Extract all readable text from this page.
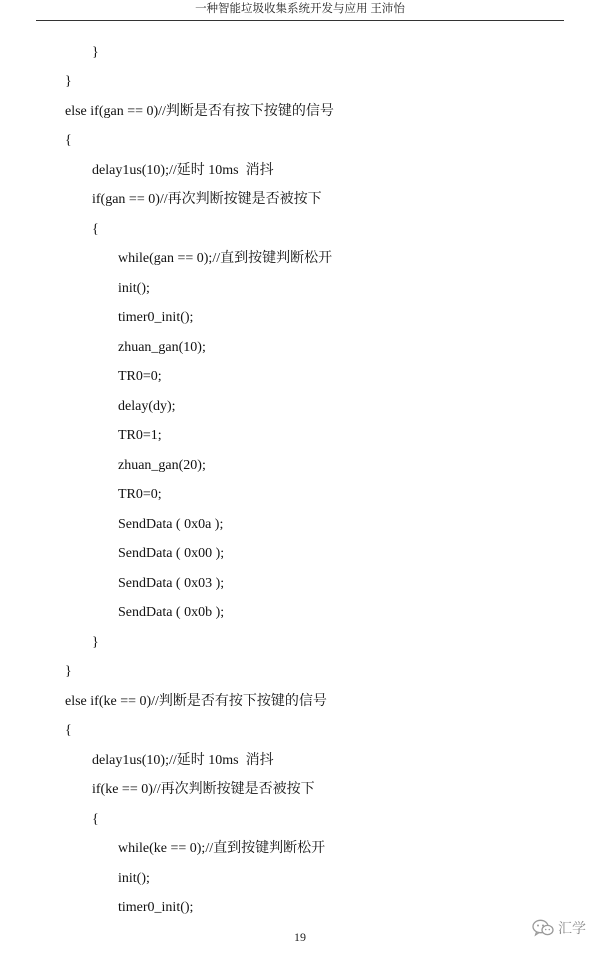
一种智能垃圾收集系统开发与应用 王沛怡
}
}
else if(gan == 0)//判断是否有按下按键的信号
{
delay1us(10);//延时 10ms  消抖
if(gan == 0)//再次判断按键是否被按下
{
while(gan == 0);//直到按键判断松开
init();
timer0_init();
zhuan_gan(10);
TR0=0;
delay(dy);
TR0=1;
zhuan_gan(20);
TR0=0;
SendData ( 0x0a );
SendData ( 0x00 );
SendData ( 0x03 );
SendData ( 0x0b );
}
}
else if(ke == 0)//判断是否有按下按键的信号
{
delay1us(10);//延时 10ms  消抖
if(ke == 0)//再次判断按键是否被按下
{
while(ke == 0);//直到按键判断松开
init();
timer0_init();
19	汇学
